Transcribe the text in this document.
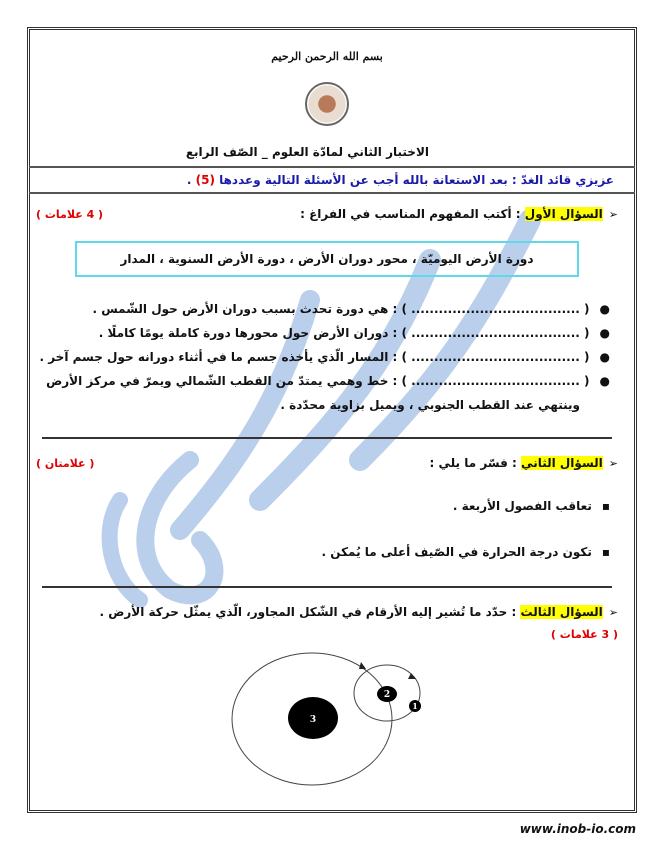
بسم الله الرحمن الرحيم
الاختبار الثاني لمادّة العلوم _ الصّف الرابع
عزيزي قائد الغدّ : بعد الاستعانة بالله أجب عن الأسئلة التالية وعددها (5) .
➢السؤال الأول : أكتب المفهوم المناسب في الفراغ :
( 4 علامات )
دورة الأرض اليوميّة ، محور دوران الأرض ، دورة الأرض السنوية ، المدار
●( ..................................... ) : هي دورة تحدث بسبب دوران الأرض حول الشّمس .
●( ..................................... ) : دوران الأرض حول محورها دورة كاملة يومًا كاملًا .
●( ..................................... ) : المسار الّذي يأخذه جسم ما في أثناء دورانه حول جسم آخر .
●( ..................................... ) : خط وهمي يمتدّ من القطب الشّمالي ويمرّ في مركز الأرض
وينتهي عند القطب الجنوبي ، ويميل بزاوية محدّدة .
➢السؤال الثاني : فسّر ما يلي :
( علامتان )
▪تعاقب الفصول الأربعة .
▪تكون درجة الحرارة في الصّيف أعلى ما يُمكن .
➢السؤال الثالث : حدّد ما تُشير إليه الأرقام في الشّكل المجاور، الّذي يمثّل حركة الأرض .
( 3 علامات )
1
2
3
www.inob-io.com
